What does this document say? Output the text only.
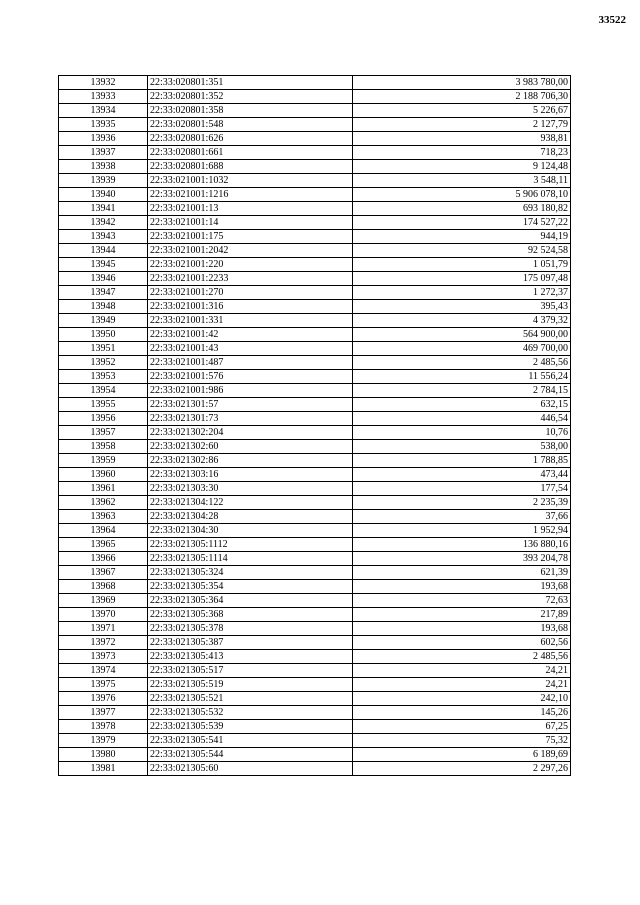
33522
13932	22:33:020801:351	3 983 780,00
13933	22:33:020801:352	2 188 706,30
13934	22:33:020801:358	5 226,67
13935	22:33:020801:548	2 127,79
13936	22:33:020801:626	938,81
13937	22:33:020801:661	718,23
13938	22:33:020801:688	9 124,48
13939	22:33:021001:1032	3 548,11
13940	22:33:021001:1216	5 906 078,10
13941	22:33:021001:13	693 180,82
13942	22:33:021001:14	174 527,22
13943	22:33:021001:175	944,19
13944	22:33:021001:2042	92 524,58
13945	22:33:021001:220	1 051,79
13946	22:33:021001:2233	175 097,48
13947	22:33:021001:270	1 272,37
13948	22:33:021001:316	395,43
13949	22:33:021001:331	4 379,32
13950	22:33:021001:42	564 900,00
13951	22:33:021001:43	469 700,00
13952	22:33:021001:487	2 485,56
13953	22:33:021001:576	11 556,24
13954	22:33:021001:986	2 784,15
13955	22:33:021301:57	632,15
13956	22:33:021301:73	446,54
13957	22:33:021302:204	10,76
13958	22:33:021302:60	538,00
13959	22:33:021302:86	1 788,85
13960	22:33:021303:16	473,44
13961	22:33:021303:30	177,54
13962	22:33:021304:122	2 235,39
13963	22:33:021304:28	37,66
13964	22:33:021304:30	1 952,94
13965	22:33:021305:1112	136 880,16
13966	22:33:021305:1114	393 204,78
13967	22:33:021305:324	621,39
13968	22:33:021305:354	193,68
13969	22:33:021305:364	72,63
13970	22:33:021305:368	217,89
13971	22:33:021305:378	193,68
13972	22:33:021305:387	602,56
13973	22:33:021305:413	2 485,56
13974	22:33:021305:517	24,21
13975	22:33:021305:519	24,21
13976	22:33:021305:521	242,10
13977	22:33:021305:532	145,26
13978	22:33:021305:539	67,25
13979	22:33:021305:541	75,32
13980	22:33:021305:544	6 189,69
13981	22:33:021305:60	2 297,26
